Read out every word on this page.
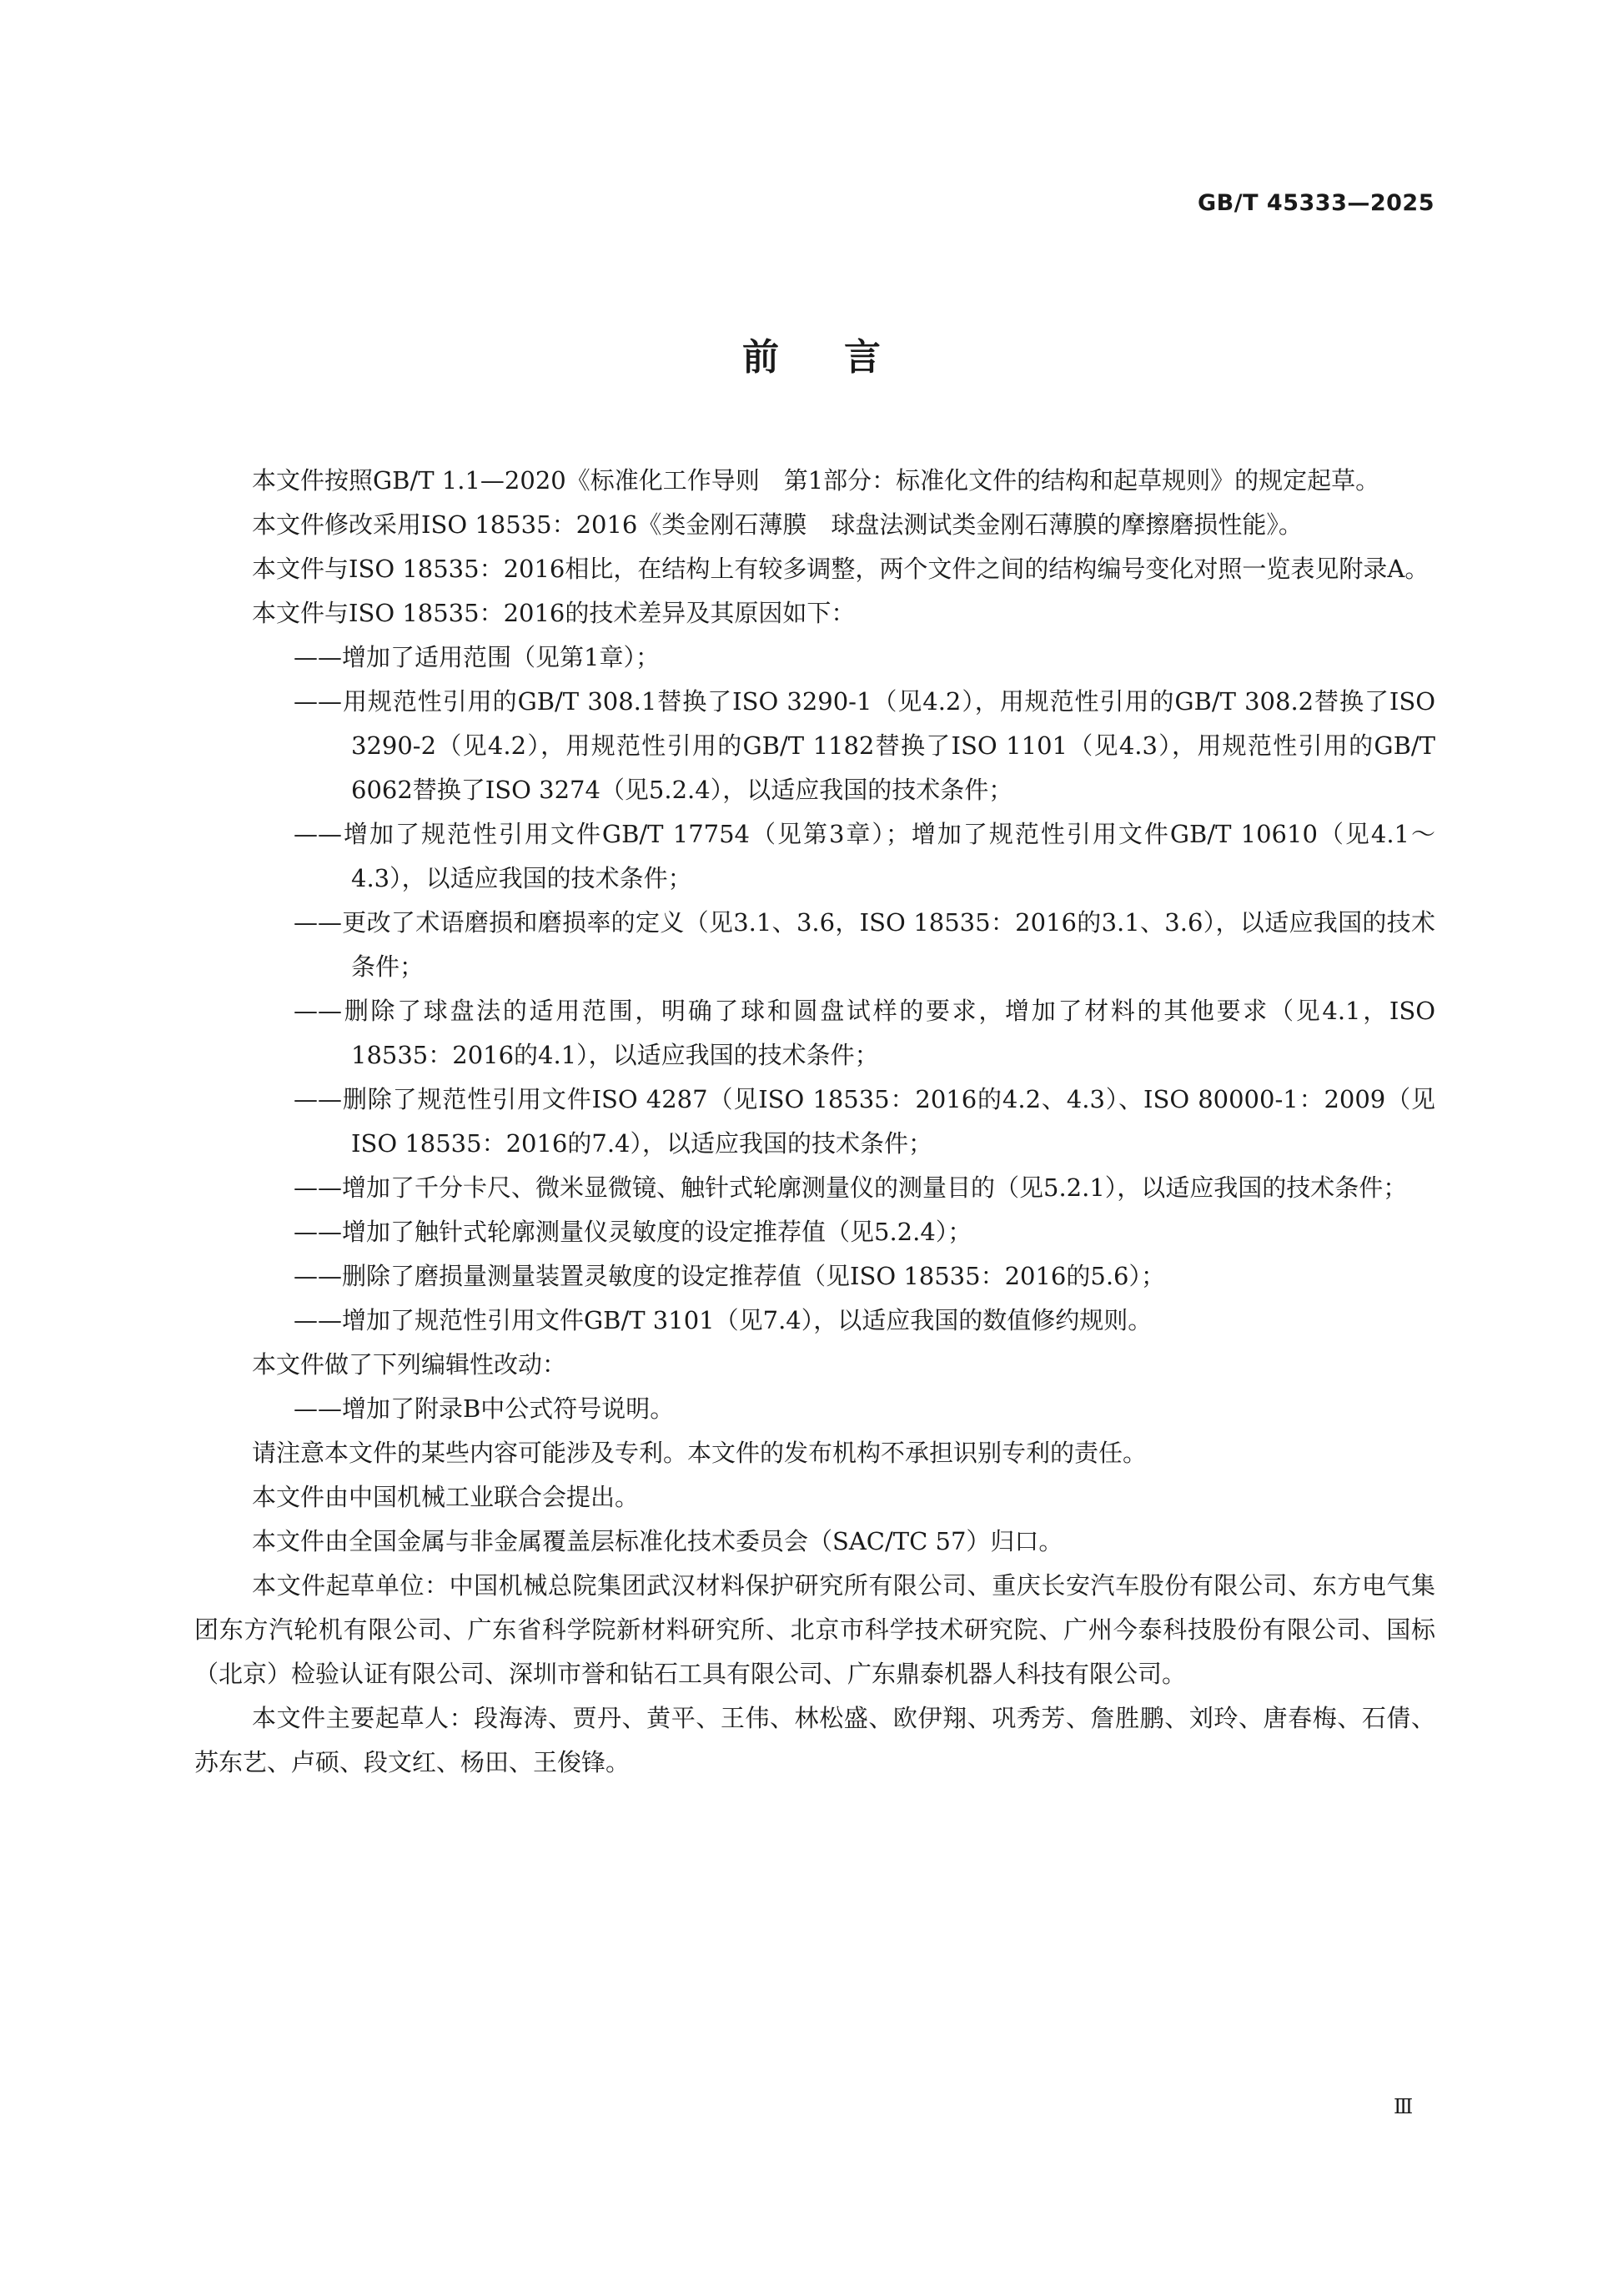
GB/T 45333—2025
前言

本文件按照GB/T 1.1—2020《标准化工作导则　第1部分：标准化文件的结构和起草规则》的规定起草。

本文件修改采用ISO 18535：2016《类金刚石薄膜　球盘法测试类金刚石薄膜的摩擦磨损性能》。

本文件与ISO 18535：2016相比，在结构上有较多调整，两个文件之间的结构编号变化对照一览表见附录A。

本文件与ISO 18535：2016的技术差异及其原因如下：

——增加了适用范围（见第1章）；

——用规范性引用的GB/T 308.1替换了ISO 3290-1（见4.2），用规范性引用的GB/T 308.2替换了ISO 3290-2（见4.2），用规范性引用的GB/T 1182替换了ISO 1101（见4.3），用规范性引用的GB/T 6062替换了ISO 3274（见5.2.4），以适应我国的技术条件；

——增加了规范性引用文件GB/T 17754（见第3章）；增加了规范性引用文件GB/T 10610（见4.1～4.3），以适应我国的技术条件；

——更改了术语磨损和磨损率的定义（见3.1、3.6，ISO 18535：2016的3.1、3.6），以适应我国的技术条件；

——删除了球盘法的适用范围，明确了球和圆盘试样的要求，增加了材料的其他要求（见4.1，ISO 18535：2016的4.1），以适应我国的技术条件；

——删除了规范性引用文件ISO 4287（见ISO 18535：2016的4.2、4.3）、ISO 80000-1：2009（见ISO 18535：2016的7.4），以适应我国的技术条件；

——增加了千分卡尺、微米显微镜、触针式轮廓测量仪的测量目的（见5.2.1），以适应我国的技术条件；

——增加了触针式轮廓测量仪灵敏度的设定推荐值（见5.2.4）；

——删除了磨损量测量装置灵敏度的设定推荐值（见ISO 18535：2016的5.6）；

——增加了规范性引用文件GB/T 3101（见7.4），以适应我国的数值修约规则。

本文件做了下列编辑性改动：

——增加了附录B中公式符号说明。

请注意本文件的某些内容可能涉及专利。本文件的发布机构不承担识别专利的责任。

本文件由中国机械工业联合会提出。

本文件由全国金属与非金属覆盖层标准化技术委员会（SAC/TC 57）归口。

本文件起草单位：中国机械总院集团武汉材料保护研究所有限公司、重庆长安汽车股份有限公司、东方电气集团东方汽轮机有限公司、广东省科学院新材料研究所、北京市科学技术研究院、广州今泰科技股份有限公司、国标（北京）检验认证有限公司、深圳市誉和钻石工具有限公司、广东鼎泰机器人科技有限公司。

本文件主要起草人：段海涛、贾丹、黄平、王伟、林松盛、欧伊翔、巩秀芳、詹胜鹏、刘玲、唐春梅、石倩、苏东艺、卢硕、段文红、杨田、王俊锋。

Ⅲ
